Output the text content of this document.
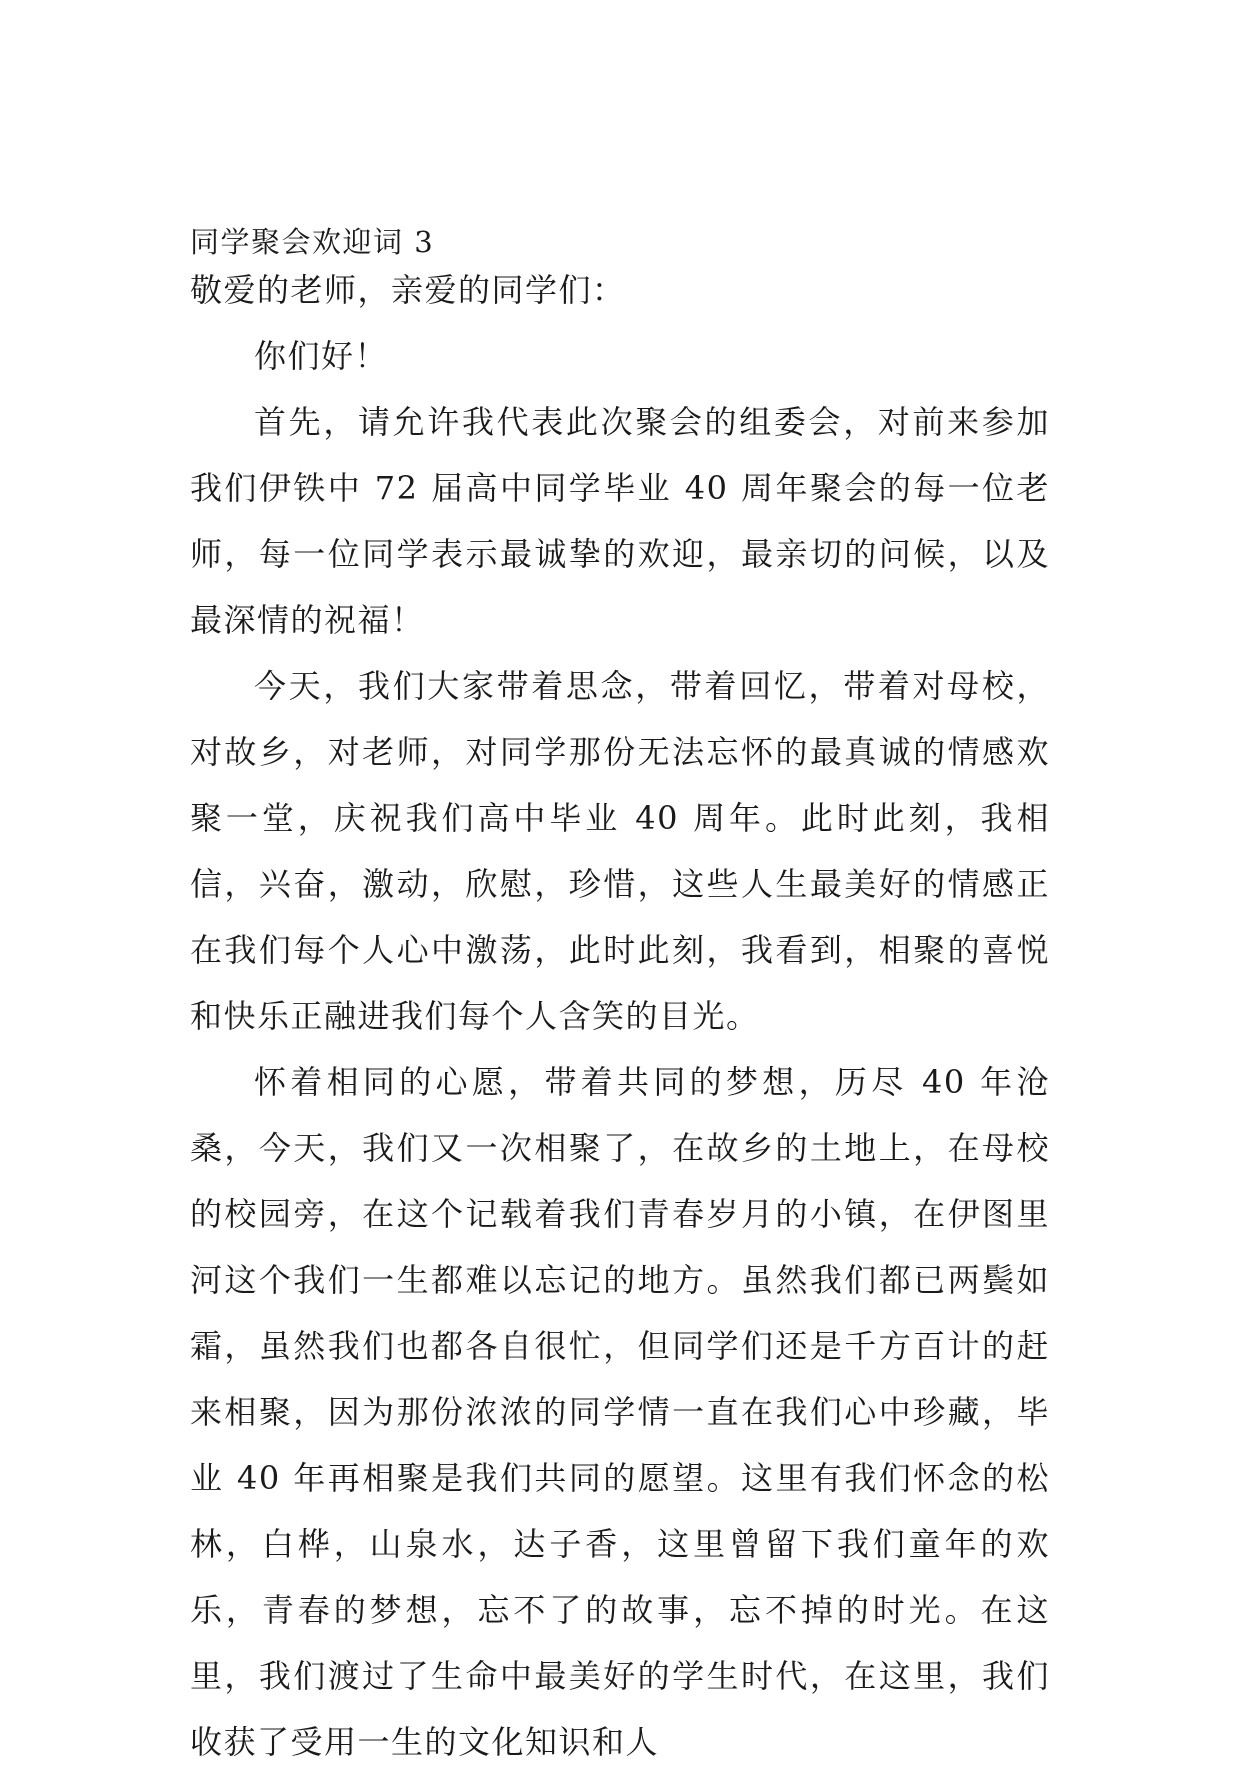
同学聚会欢迎词 3

敬爱的老师，亲爱的同学们：

你们好！

首先，请允许我代表此次聚会的组委会，对前来参加我们伊铁中 72 届高中同学毕业 40 周年聚会的每一位老师，每一位同学表示最诚挚的欢迎，最亲切的问候，以及最深情的祝福！

今天，我们大家带着思念，带着回忆，带着对母校，对故乡，对老师，对同学那份无法忘怀的最真诚的情感欢聚一堂，庆祝我们高中毕业 40 周年。此时此刻，我相信，兴奋，激动，欣慰，珍惜，这些人生最美好的情感正在我们每个人心中激荡，此时此刻，我看到，相聚的喜悦和快乐正融进我们每个人含笑的目光。

怀着相同的心愿，带着共同的梦想，历尽 40 年沧桑，今天，我们又一次相聚了，在故乡的土地上，在母校的校园旁，在这个记载着我们青春岁月的小镇，在伊图里河这个我们一生都难以忘记的地方。虽然我们都已两鬓如霜，虽然我们也都各自很忙，但同学们还是千方百计的赶来相聚，因为那份浓浓的同学情一直在我们心中珍藏，毕业 40 年再相聚是我们共同的愿望。这里有我们怀念的松林，白桦，山泉水，达子香，这里曾留下我们童年的欢乐，青春的梦想，忘不了的故事，忘不掉的时光。在这里，我们渡过了生命中最美好的学生时代，在这里，我们收获了受用一生的文化知识和人
